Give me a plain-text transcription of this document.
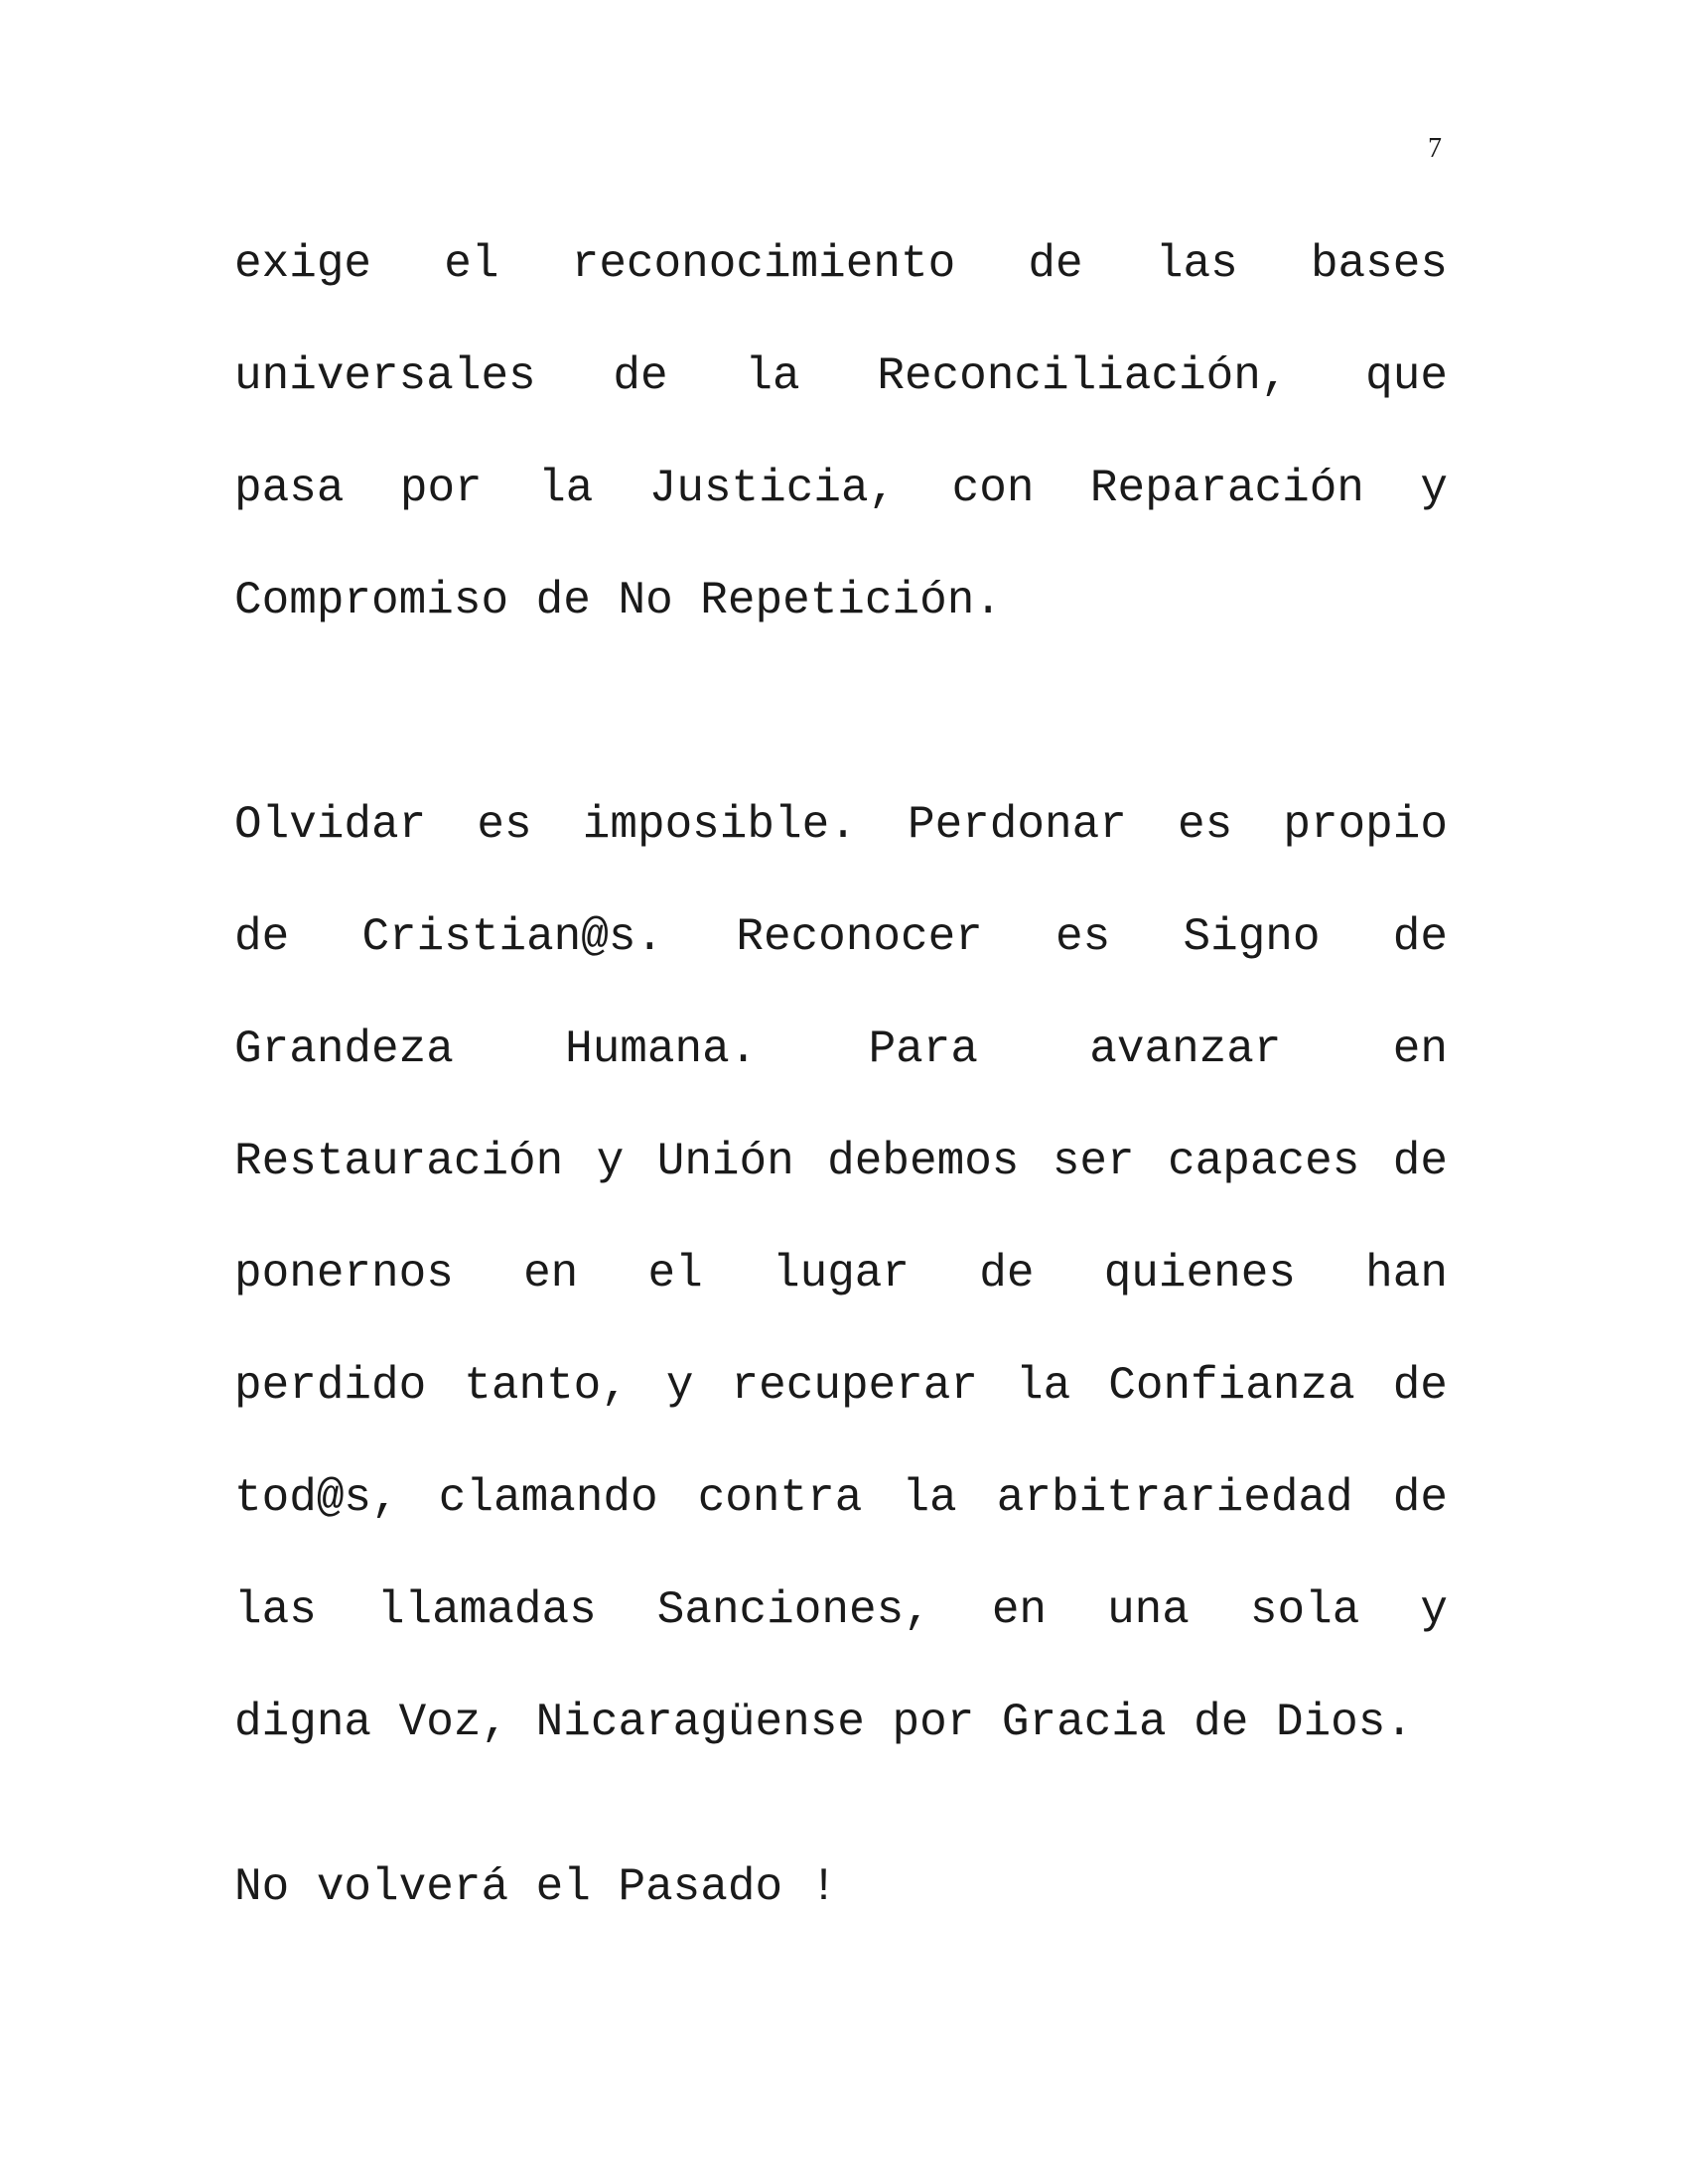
7
exige el reconocimiento de las bases
universales de la Reconciliación, que
pasa por la Justicia, con Reparación y
Compromiso de No Repetición.
Olvidar es imposible. Perdonar es propio
de Cristian@s. Reconocer es Signo de
Grandeza Humana. Para avanzar en
Restauración y Unión debemos ser capaces de
ponernos en el lugar de quienes han
perdido tanto, y recuperar la Confianza de
tod@s, clamando contra la arbitrariedad de
las llamadas Sanciones, en una sola y
digna Voz, Nicaragüense por Gracia de Dios.
No volverá el Pasado !
